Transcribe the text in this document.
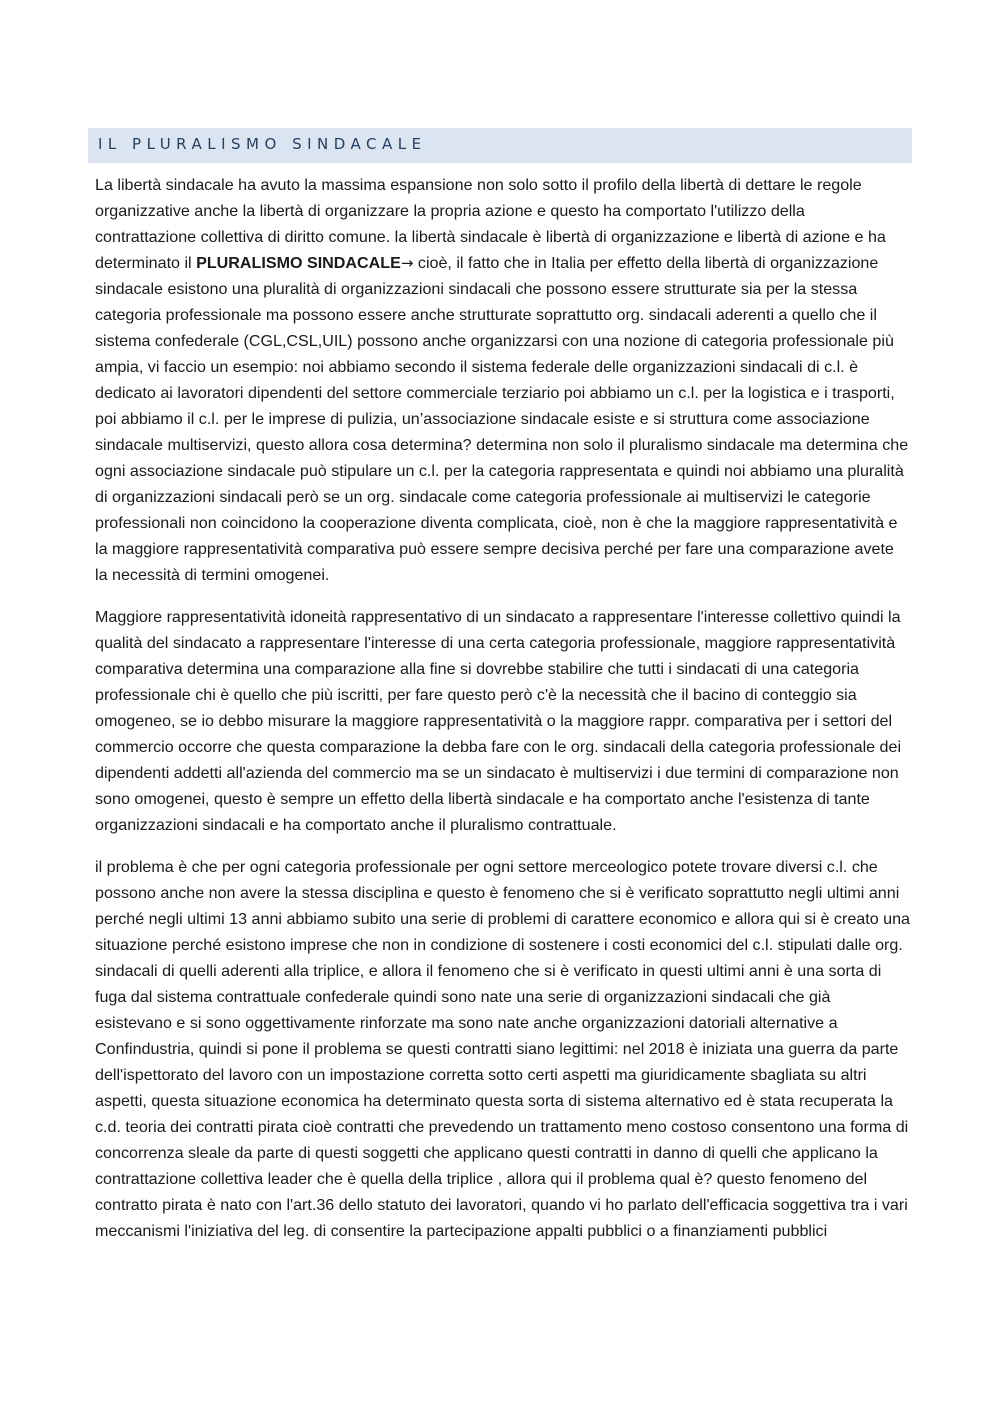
IL PLURALISMO SINDACALE

La libertà sindacale ha avuto la massima espansione non solo sotto il profilo della libertà di dettare le regole organizzative anche la libertà di organizzare la propria azione e questo ha comportato l'utilizzo della contrattazione collettiva di diritto comune. la libertà sindacale è libertà di organizzazione e libertà di azione e ha determinato il PLURALISMO SINDACALE→ cioè, il fatto che in Italia per effetto della libertà di organizzazione sindacale esistono una pluralità di organizzazioni sindacali che possono essere strutturate sia per la stessa categoria professionale ma possono essere anche strutturate soprattutto org. sindacali aderenti a quello che il sistema confederale (CGL,CSL,UIL) possono anche organizzarsi con una nozione di categoria professionale più ampia, vi faccio un esempio: noi abbiamo secondo il sistema federale delle organizzazioni sindacali di c.l. è dedicato ai lavoratori dipendenti del settore commerciale terziario poi abbiamo un c.l. per la logistica e i trasporti, poi abbiamo il c.l. per le imprese di pulizia, un’associazione sindacale esiste e si struttura come associazione sindacale multiservizi, questo allora cosa determina? determina non solo il pluralismo sindacale ma determina che ogni associazione sindacale può stipulare un c.l. per la categoria rappresentata e quindi noi abbiamo una pluralità di organizzazioni sindacali però se un org. sindacale come categoria professionale ai multiservizi le categorie professionali non coincidono la cooperazione diventa complicata, cioè, non è che la maggiore rappresentatività e la maggiore rappresentatività comparativa può essere sempre decisiva perché per fare una comparazione avete la necessità di termini omogenei.

Maggiore rappresentatività idoneità rappresentativo di un sindacato a rappresentare l'interesse collettivo quindi la qualità del sindacato a rappresentare l'interesse di una certa categoria professionale, maggiore rappresentatività comparativa determina una comparazione alla fine si dovrebbe stabilire che tutti i sindacati di una categoria professionale chi è quello che più iscritti, per fare questo però c'è la necessità che il bacino di conteggio sia omogeneo, se io debbo misurare la maggiore rappresentatività o la maggiore rappr. comparativa per i settori del commercio occorre che questa comparazione la debba fare con le org. sindacali della categoria professionale dei dipendenti addetti all'azienda del commercio ma se un sindacato è multiservizi i due termini di comparazione non sono omogenei, questo è sempre un effetto della libertà sindacale e ha comportato anche l'esistenza di tante organizzazioni sindacali e ha comportato anche il pluralismo contrattuale.

il problema è che per ogni categoria professionale per ogni settore merceologico potete trovare diversi c.l. che possono anche non avere la stessa disciplina e questo è fenomeno che si è verificato soprattutto negli ultimi anni perché negli ultimi 13 anni abbiamo subito una serie di problemi di carattere economico e allora qui si è creato una situazione perché esistono imprese che non in condizione di sostenere i costi economici del c.l. stipulati dalle org. sindacali di quelli aderenti alla triplice, e allora il fenomeno che si è verificato in questi ultimi anni è una sorta di fuga dal sistema contrattuale confederale quindi sono nate una serie di organizzazioni sindacali che già esistevano e si sono oggettivamente rinforzate ma sono nate anche organizzazioni datoriali alternative a Confindustria, quindi si pone il problema se questi contratti siano legittimi: nel 2018 è iniziata una guerra da parte dell'ispettorato del lavoro con un impostazione corretta sotto certi aspetti ma giuridicamente sbagliata su altri aspetti, questa situazione economica ha determinato questa sorta di sistema alternativo ed è stata recuperata la c.d. teoria dei contratti pirata cioè contratti che prevedendo un trattamento meno costoso consentono una forma di concorrenza sleale da parte di questi soggetti che applicano questi contratti in danno di quelli che applicano la contrattazione collettiva leader che è quella della triplice , allora qui il problema qual è? questo fenomeno del contratto pirata è nato con l'art.36 dello statuto dei lavoratori, quando vi ho parlato dell'efficacia soggettiva tra i vari meccanismi l'iniziativa del leg. di consentire la partecipazione appalti pubblici o a finanziamenti pubblici
